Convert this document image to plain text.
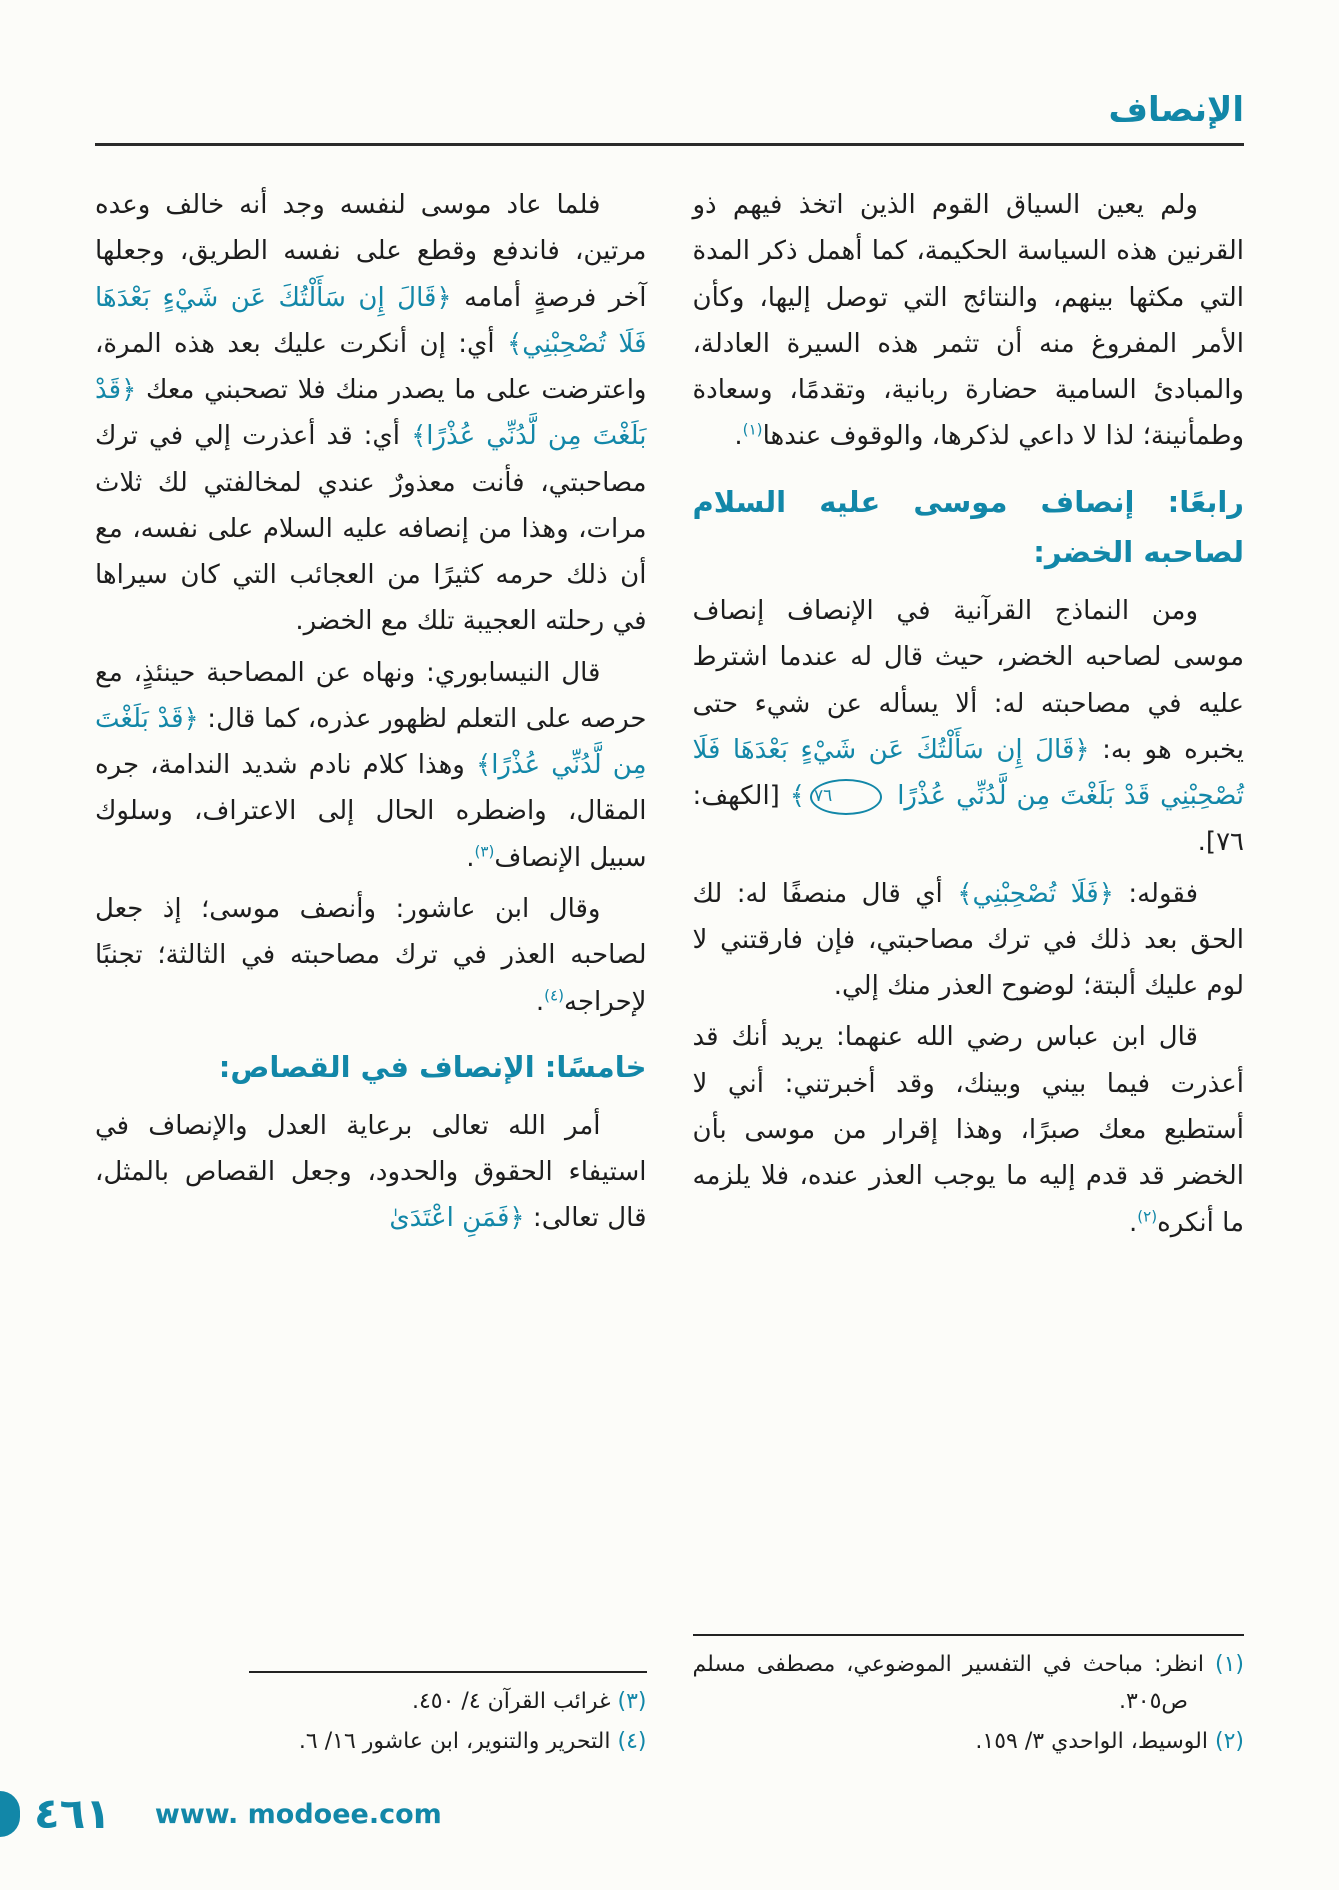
الإنصاف

ولم يعين السياق القوم الذين اتخذ فيهم ذو القرنين هذه السياسة الحكيمة، كما أهمل ذكر المدة التي مكثها بينهم، والنتائج التي توصل إليها، وكأن الأمر المفروغ منه أن تثمر هذه السيرة العادلة، والمبادئ السامية حضارة ربانية، وتقدمًا، وسعادة وطمأنينة؛ لذا لا داعي لذكرها، والوقوف عندها$^{(١)}$.

رابعًا: إنصاف موسى عليه السلام لصاحبه الخضر:

ومن النماذج القرآنية في الإنصاف إنصاف موسى لصاحبه الخضر، حيث قال له عندما اشترط عليه في مصاحبته له: ألا يسأله عن شيء حتى يخبره هو به: ﴿قَالَ إِن سَأَلْتُكَ عَن شَيْءٍ بَعْدَهَا فَلَا تُصْحِبْنِي قَدْ بَلَغْتَ مِن لَّدُنِّي عُذْرًا ٧٦﴾ [الكهف: ٧٦].

فقوله: ﴿فَلَا تُصْحِبْنِي﴾ أي قال منصفًا له: لك الحق بعد ذلك في ترك مصاحبتي، فإن فارقتني لا لوم عليك ألبتة؛ لوضوح العذر منك إلي.

قال ابن عباس رضي الله عنهما: يريد أنك قد أعذرت فيما بيني وبينك، وقد أخبرتني: أني لا أستطيع معك صبرًا، وهذا إقرار من موسى بأن الخضر قد قدم إليه ما يوجب العذر عنده، فلا يلزمه ما أنكره$^{(٢)}$.

(١) انظر: مباحث في التفسير الموضوعي، مصطفى مسلم ص٣٠٥.

(٢) الوسيط، الواحدي ٣/ ١٥٩.

فلما عاد موسى لنفسه وجد أنه خالف وعده مرتين، فاندفع وقطع على نفسه الطريق، وجعلها آخر فرصةٍ أمامه ﴿قَالَ إِن سَأَلْتُكَ عَن شَيْءٍ بَعْدَهَا فَلَا تُصْحِبْنِي﴾ أي: إن أنكرت عليك بعد هذه المرة، واعترضت على ما يصدر منك فلا تصحبني معك ﴿قَدْ بَلَغْتَ مِن لَّدُنِّي عُذْرًا﴾ أي: قد أعذرت إلي في ترك مصاحبتي، فأنت معذورٌ عندي لمخالفتي لك ثلاث مرات، وهذا من إنصافه عليه السلام على نفسه، مع أن ذلك حرمه كثيرًا من العجائب التي كان سيراها في رحلته العجيبة تلك مع الخضر.

قال النيسابوري: ونهاه عن المصاحبة حينئذٍ، مع حرصه على التعلم لظهور عذره، كما قال: ﴿قَدْ بَلَغْتَ مِن لَّدُنِّي عُذْرًا﴾ وهذا كلام نادم شديد الندامة، جره المقال، واضطره الحال إلى الاعتراف، وسلوك سبيل الإنصاف$^{(٣)}$.

وقال ابن عاشور: وأنصف موسى؛ إذ جعل لصاحبه العذر في ترك مصاحبته في الثالثة؛ تجنبًا لإحراجه$^{(٤)}$.

خامسًا: الإنصاف في القصاص:

أمر الله تعالى برعاية العدل والإنصاف في استيفاء الحقوق والحدود، وجعل القصاص بالمثل، قال تعالى: ﴿فَمَنِ اعْتَدَىٰ

(٣) غرائب القرآن ٤/ ٤٥٠.

(٤) التحرير والتنوير، ابن عاشور ١٦/ ٦.

٤٦١ www. modoee.com
